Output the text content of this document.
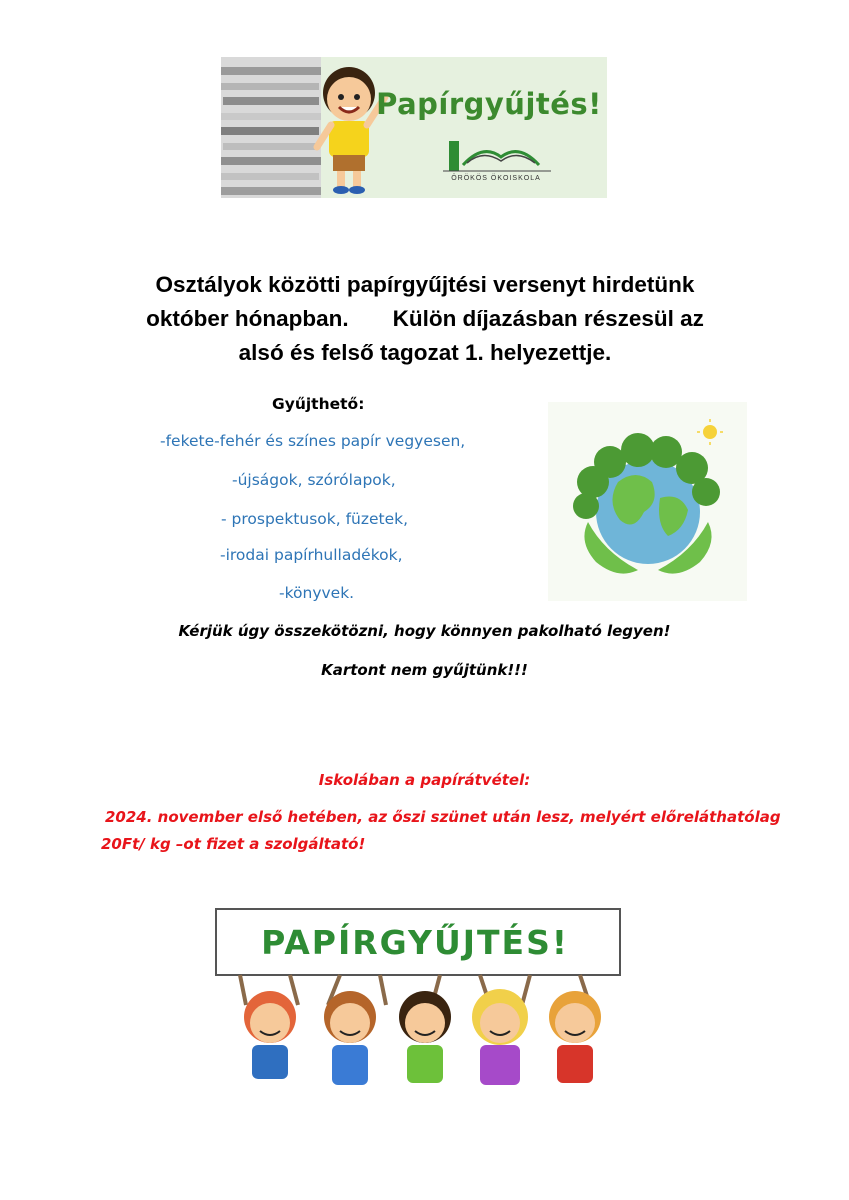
Papírgyűjtés!
ÖRÖKÖS ÖKOISKOLA
Osztályok közötti papírgyűjtési versenyt hirdetünk
október hónapban. Külön díjazásban részesül az
alsó és felső tagozat 1. helyezettje.
Gyűjthető:
-fekete-fehér és színes papír vegyesen,
-újságok, szórólapok,
- prospektusok, füzetek,
-irodai papírhulladékok,
-könyvek.
Kérjük úgy összekötözni, hogy könnyen pakolható legyen!
Kartont nem gyűjtünk!!!
Iskolában a papírátvétel:
2024. november első hetében, az őszi szünet után lesz, melyért előreláthatólag
20Ft/ kg –ot fizet a szolgáltató!
PAPÍRGYŰJTÉS!
